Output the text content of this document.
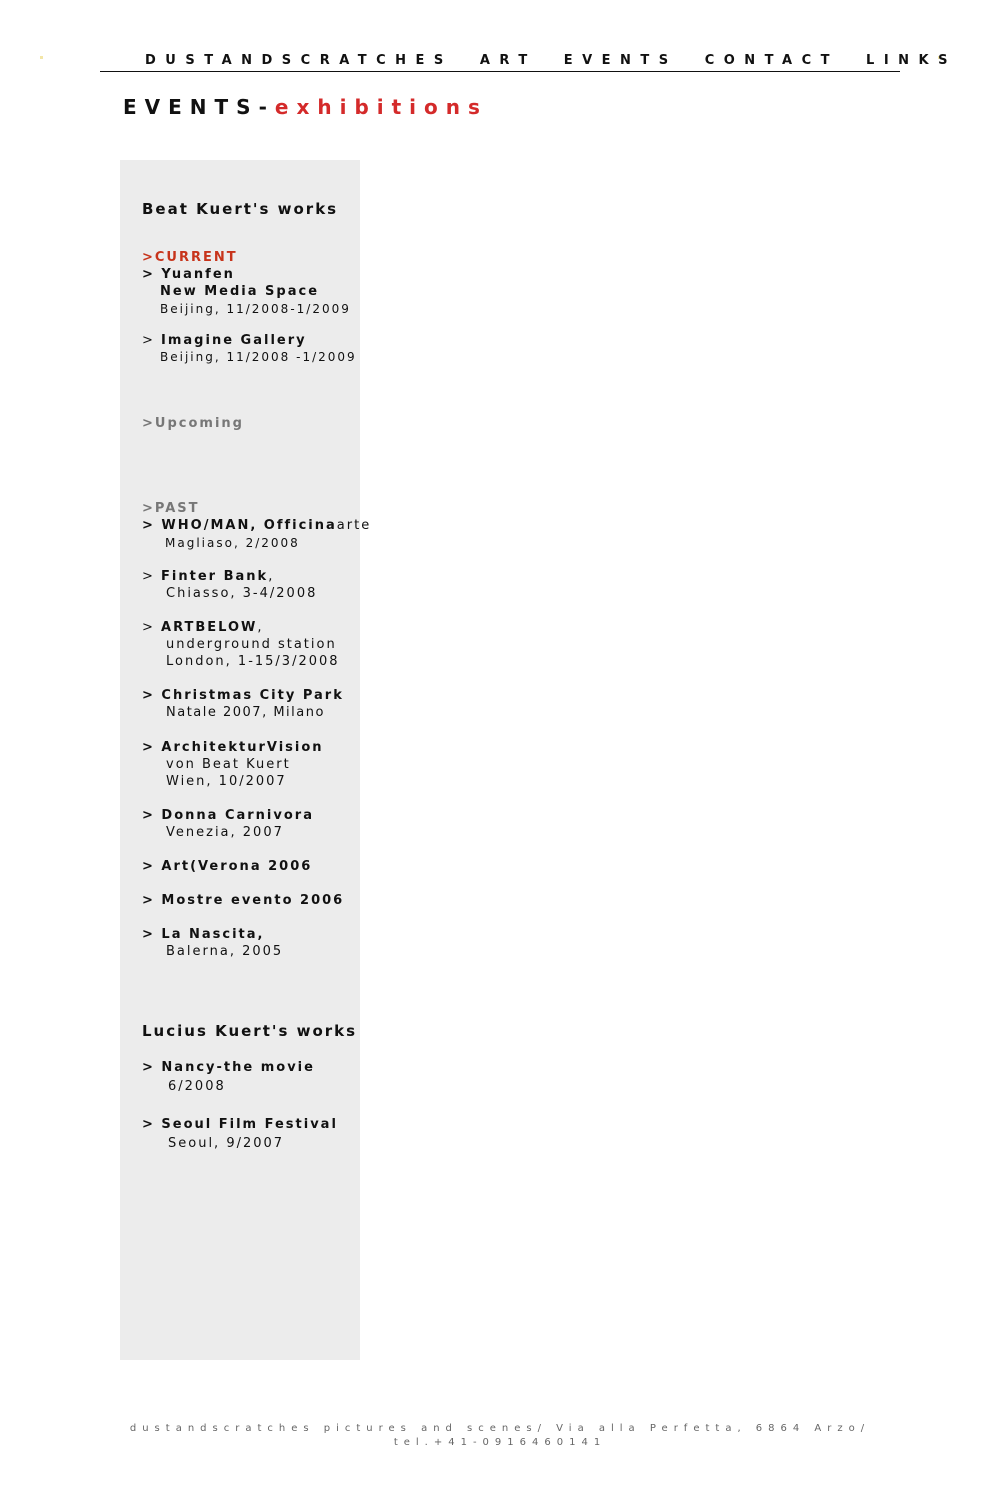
DUSTANDSCRATCHES ART EVENTS CONTACT LINKS
EVENTS-exhibitions
Beat Kuert's works
>CURRENT
> Yuanfen
New Media Space
Beijing, 11/2008-1/2009
> Imagine Gallery
Beijing, 11/2008 -1/2009
>Upcoming
>PAST
> WHO/MAN, Officinaarte
Magliaso, 2/2008
> Finter Bank,
Chiasso, 3-4/2008
> ARTBELOW,
underground station
London, 1-15/3/2008
> Christmas City Park
Natale 2007, Milano
> ArchitekturVision
von Beat Kuert
Wien, 10/2007
> Donna Carnivora
Venezia, 2007
> Art(Verona 2006
> Mostre evento 2006
> La Nascita,
Balerna, 2005
Lucius Kuert's works
> Nancy-the movie
6/2008
> Seoul Film Festival
Seoul, 9/2007
dustandscratches pictures and scenes/ Via alla Perfetta, 6864 Arzo/
tel.+41-0916460141
